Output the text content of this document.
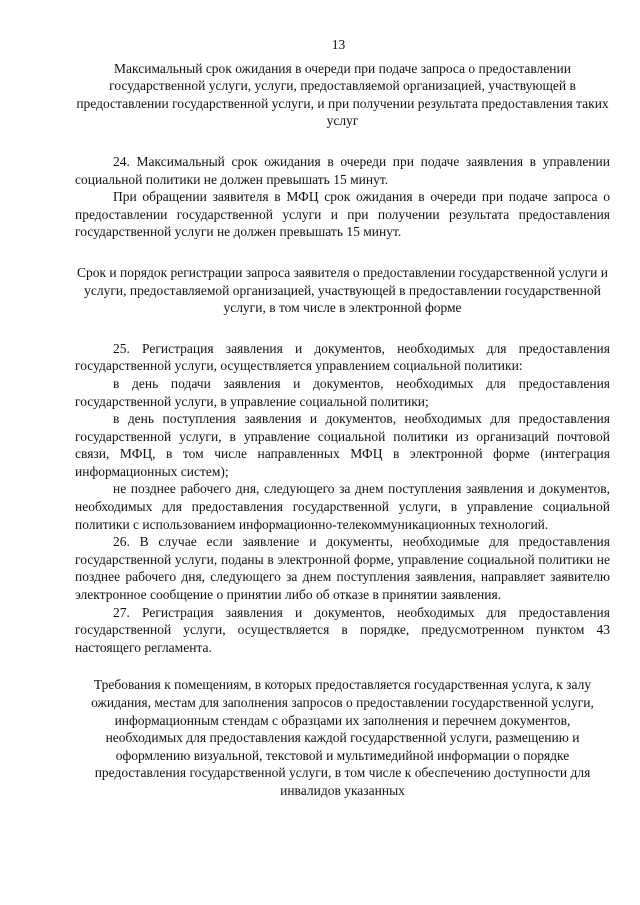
13

Максимальный срок ожидания в очереди при подаче запроса о предоставлении государственной услуги, услуги, предоставляемой организацией, участвующей в предоставлении государственной услуги, и при получении результата предоставления таких услуг

24. Максимальный срок ожидания в очереди при подаче заявления в управлении социальной политики не должен превышать 15 минут.

При обращении заявителя в МФЦ срок ожидания в очереди при подаче запроса о предоставлении государственной услуги и при получении результата предоставления государственной услуги не должен превышать 15 минут.

Срок и порядок регистрации запроса заявителя о предоставлении государственной услуги и услуги, предоставляемой организацией, участвующей в предоставлении государственной услуги, в том числе в электронной форме

25. Регистрация заявления и документов, необходимых для предоставления государственной услуги, осуществляется управлением социальной политики:

в день подачи заявления и документов, необходимых для предоставления государственной услуги, в управление социальной политики;

в день поступления заявления и документов, необходимых для предоставления государственной услуги, в управление социальной политики из организаций почтовой связи, МФЦ, в том числе направленных МФЦ в электронной форме (интеграция информационных систем);

не позднее рабочего дня, следующего за днем поступления заявления и документов, необходимых для предоставления государственной услуги, в управление социальной политики с использованием информационно-телекоммуникационных технологий.

26. В случае если заявление и документы, необходимые для предоставления государственной услуги, поданы в электронной форме, управление социальной политики не позднее рабочего дня, следующего за днем поступления заявления, направляет заявителю электронное сообщение о принятии либо об отказе в принятии заявления.

27. Регистрация заявления и документов, необходимых для предоставления государственной услуги, осуществляется в порядке, предусмотренном пунктом 43 настоящего регламента.

Требования к помещениям, в которых предоставляется государственная услуга, к залу ожидания, местам для заполнения запросов о предоставлении государственной услуги, информационным стендам с образцами их заполнения и перечнем документов, необходимых для предоставления каждой государственной услуги, размещению и оформлению визуальной, текстовой и мультимедийной информации о порядке предоставления государственной услуги, в том числе к обеспечению доступности для инвалидов указанных
